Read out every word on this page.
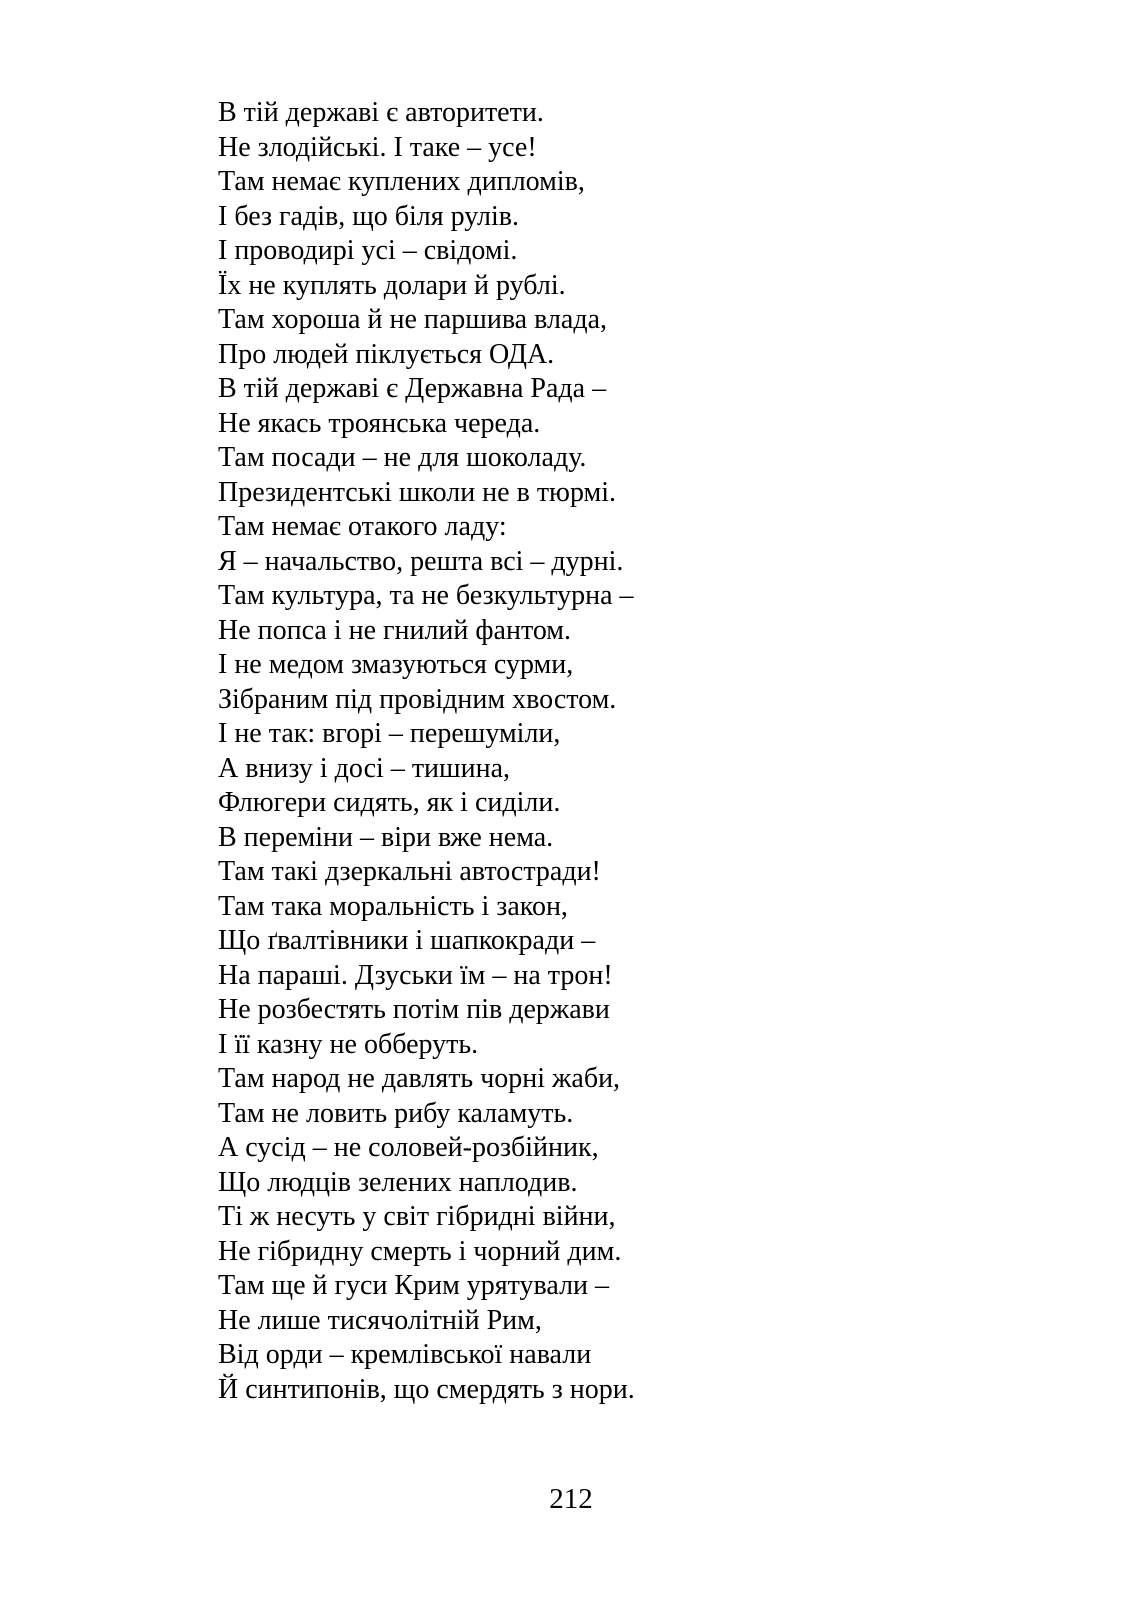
В тій державі є авторитети.
Не злодійські. І таке – усе!
Там немає куплених дипломів,
І без гадів, що біля рулів.
І проводирі усі – свідомі.
Їх не куплять долари й рублі.
Там хороша й не паршива влада,
Про людей піклується ОДА.
В тій державі є Державна Рада –
Не якась троянська череда.
Там посади – не для шоколаду.
Президентські школи не в тюрмі.
Там немає отакого ладу:
Я – начальство, решта всі – дурні.
Там культура, та не безкультурна –
Не попса і не гнилий фантом.
І не медом змазуються сурми,
Зібраним під провідним хвостом.
І не так: вгорі – перешуміли,
А внизу і досі – тишина,
Флюгери сидять, як і сиділи.
В переміни – віри вже нема.
Там такі дзеркальні автостради!
Там така моральність і закон,
Що ґвалтівники і шапкокради –
На параші. Дзуськи їм – на трон!
Не розбестять потім пів держави
І її казну не обберуть.
Там народ не давлять чорні жаби,
Там не ловить рибу каламуть.
А сусід – не соловей-розбійник,
Що людців зелених наплодив.
Ті ж несуть у світ гібридні війни,
Не гібридну смерть і чорний дим.
Там ще й гуси Крим урятували –
Не лише тисячолітній Рим,
Від орди – кремлівської навали
Й синтипонів, що смердять з нори.
212
